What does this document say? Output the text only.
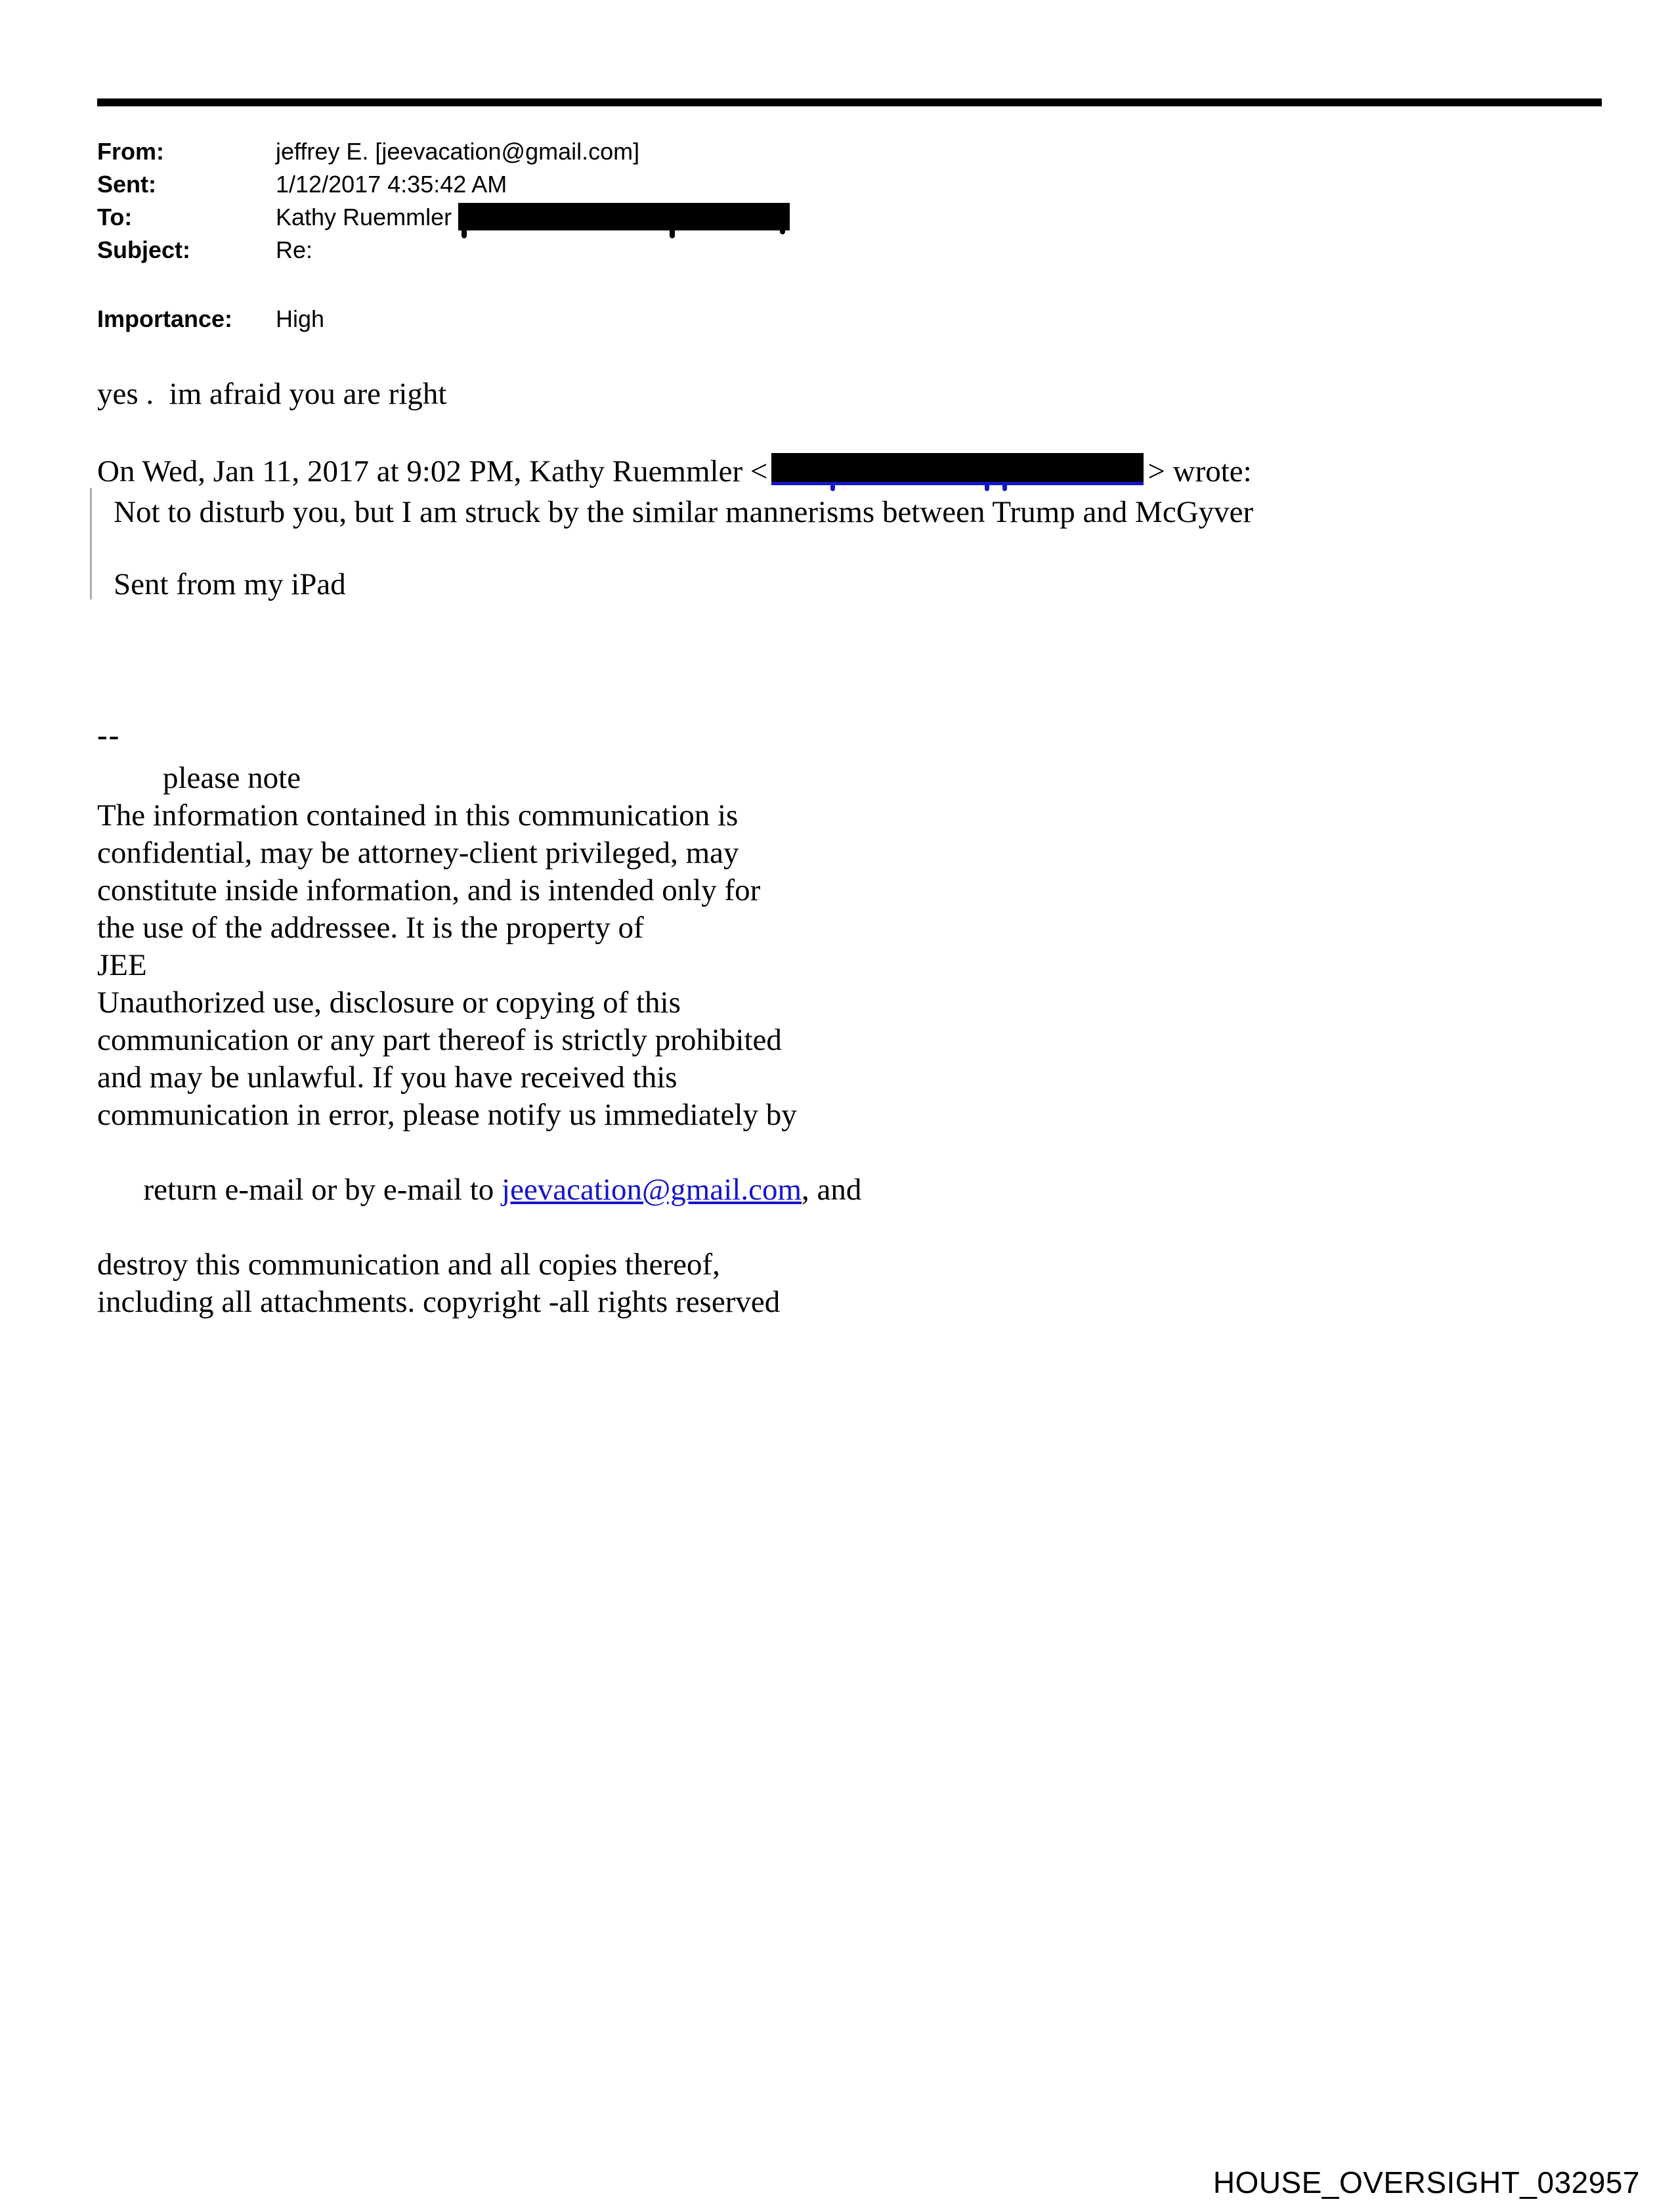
From:	jeffrey E. [jeevacation@gmail.com]
Sent:	1/12/2017 4:35:42 AM
To:	Kathy Ruemmler
Subject:	Re:
Importance: High
yes .  im afraid you are right
On Wed, Jan 11, 2017 at 9:02 PM, Kathy Ruemmler <	> wrote:
Not to disturb you, but I am struck by the similar mannerisms between Trump and McGyver
Sent from my iPad
--
please note
The information contained in this communication is
confidential, may be attorney-client privileged, may
constitute inside information, and is intended only for
the use of the addressee. It is the property of
JEE
Unauthorized use, disclosure or copying of this
communication or any part thereof is strictly prohibited
and may be unlawful. If you have received this
communication in error, please notify us immediately by

return e-mail or by e-mail to jeevacation@gmail.com, and

destroy this communication and all copies thereof,
including all attachments. copyright -all rights reserved
HOUSE_OVERSIGHT_032957
